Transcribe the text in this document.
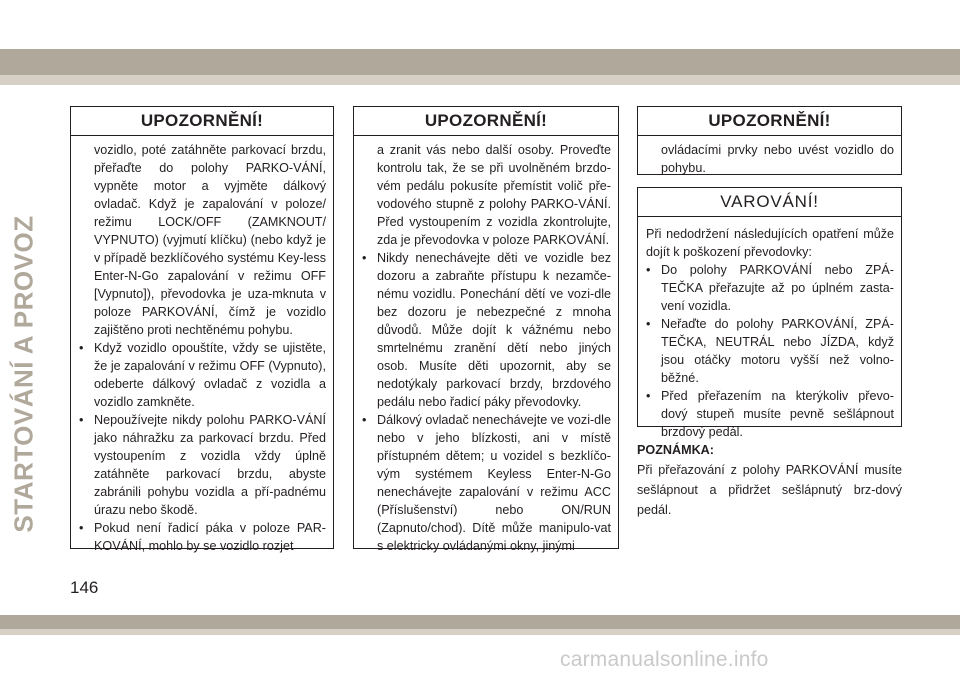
STARTOVÁNÍ A PROVOZ
UPOZORNĚNÍ!

vozidlo, poté zatáhněte parkovací brzdu, přeřaďte do polohy PARKO-VÁNÍ, vypněte motor a vyjměte dálkový ovladač. Když je zapalování v poloze/ režimu LOCK/OFF (ZAMKNOUT/ VYPNUTO) (vyjmutí klíčku) (nebo když je v případě bezklíčového systému Key-less Enter-N-Go zapalování v režimu OFF [Vypnuto]), převodovka je uza-mknuta v poloze PARKOVÁNÍ, čímž je vozidlo zajištěno proti nechtěnému pohybu.

• Když vozidlo opouštíte, vždy se ujistěte, že je zapalování v režimu OFF (Vypnuto), odeberte dálkový ovladač z vozidla a vozidlo zamkněte.
• Nepoužívejte nikdy polohu PARKO-VÁNÍ jako náhražku za parkovací brzdu. Před vystoupením z vozidla vždy úplně zatáhněte parkovací brzdu, abyste zabránili pohybu vozidla a pří-padnému úrazu nebo škodě.
• Pokud není řadicí páka v poloze PAR-KOVÁNÍ, mohlo by se vozidlo rozjet
UPOZORNĚNÍ!

a zranit vás nebo další osoby. Proveďte kontrolu tak, že se při uvolněném brzdo-vém pedálu pokusíte přemístit volič pře-vodového stupně z polohy PARKO-VÁNÍ. Před vystoupením z vozidla zkontrolujte, zda je převodovka v poloze PARKOVÁNÍ.

• Nikdy nenechávejte děti ve vozidle bez dozoru a zabraňte přístupu k nezamče-nému vozidlu. Ponechání dětí ve vozi-dle bez dozoru je nebezpečné z mnoha důvodů. Může dojít k vážnému nebo smrtelnému zranění dětí nebo jiných osob. Musíte děti upozornit, aby se nedotýkaly parkovací brzdy, brzdového pedálu nebo řadicí páky převodovky.
• Dálkový ovladač nenechávejte ve vozi-dle nebo v jeho blízkosti, ani v místě přístupném dětem; u vozidel s bezklíčo-vým systémem Keyless Enter-N-Go nenechávejte zapalování v režimu ACC (Příslušenství) nebo ON/RUN (Zapnuto/chod). Dítě může manipulo-vat s elektricky ovládanými okny, jinými
UPOZORNĚNÍ!

ovládacími prvky nebo uvést vozidlo do pohybu.

VAROVÁNÍ!

Při nedodržení následujících opatření může dojít k poškození převodovky:

• Do polohy PARKOVÁNÍ nebo ZPÁ-TEČKA přeřazujte až po úplném zasta-vení vozidla.
• Neřaďte do polohy PARKOVÁNÍ, ZPÁ-TEČKA, NEUTRÁL nebo JÍZDA, když jsou otáčky motoru vyšší než volno-běžné.
• Před přeřazením na kterýkoliv převo-dový stupeň musíte pevně sešlápnout brzdový pedál.
POZNÁMKA:
Při přeřazování z polohy PARKOVÁNÍ musíte sešlápnout a přidržet sešlápnutý brz-dový pedál.
146
carmanualsonline.info
